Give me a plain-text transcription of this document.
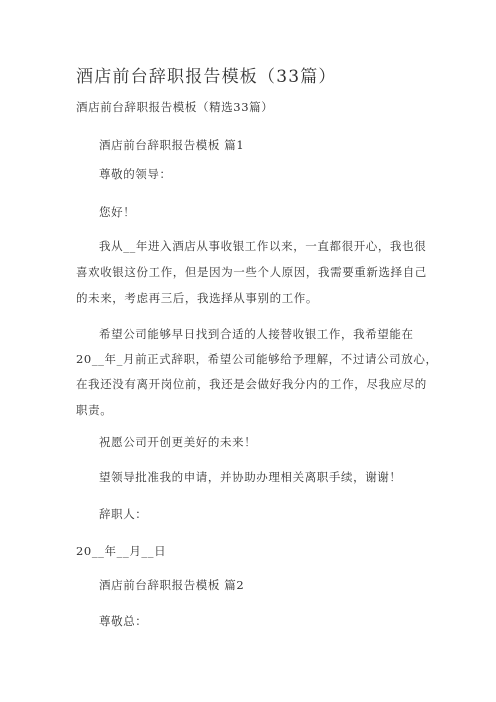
酒店前台辞职报告模板（33篇）
酒店前台辞职报告模板（精选33篇）
酒店前台辞职报告模板 篇1
尊敬的领导：
您好！
我从__年进入酒店从事收银工作以来，一直都很开心，我也很
喜欢收银这份工作，但是因为一些个人原因，我需要重新选择自己
的未来，考虑再三后，我选择从事别的工作。
希望公司能够早日找到合适的人接替收银工作，我希望能在
20__年_月前正式辞职，希望公司能够给予理解，不过请公司放心，
在我还没有离开岗位前，我还是会做好我分内的工作，尽我应尽的
职责。
祝愿公司开创更美好的未来！
望领导批准我的申请，并协助办理相关离职手续，谢谢！
辞职人：
20__年__月__日
酒店前台辞职报告模板 篇2
尊敬总：
